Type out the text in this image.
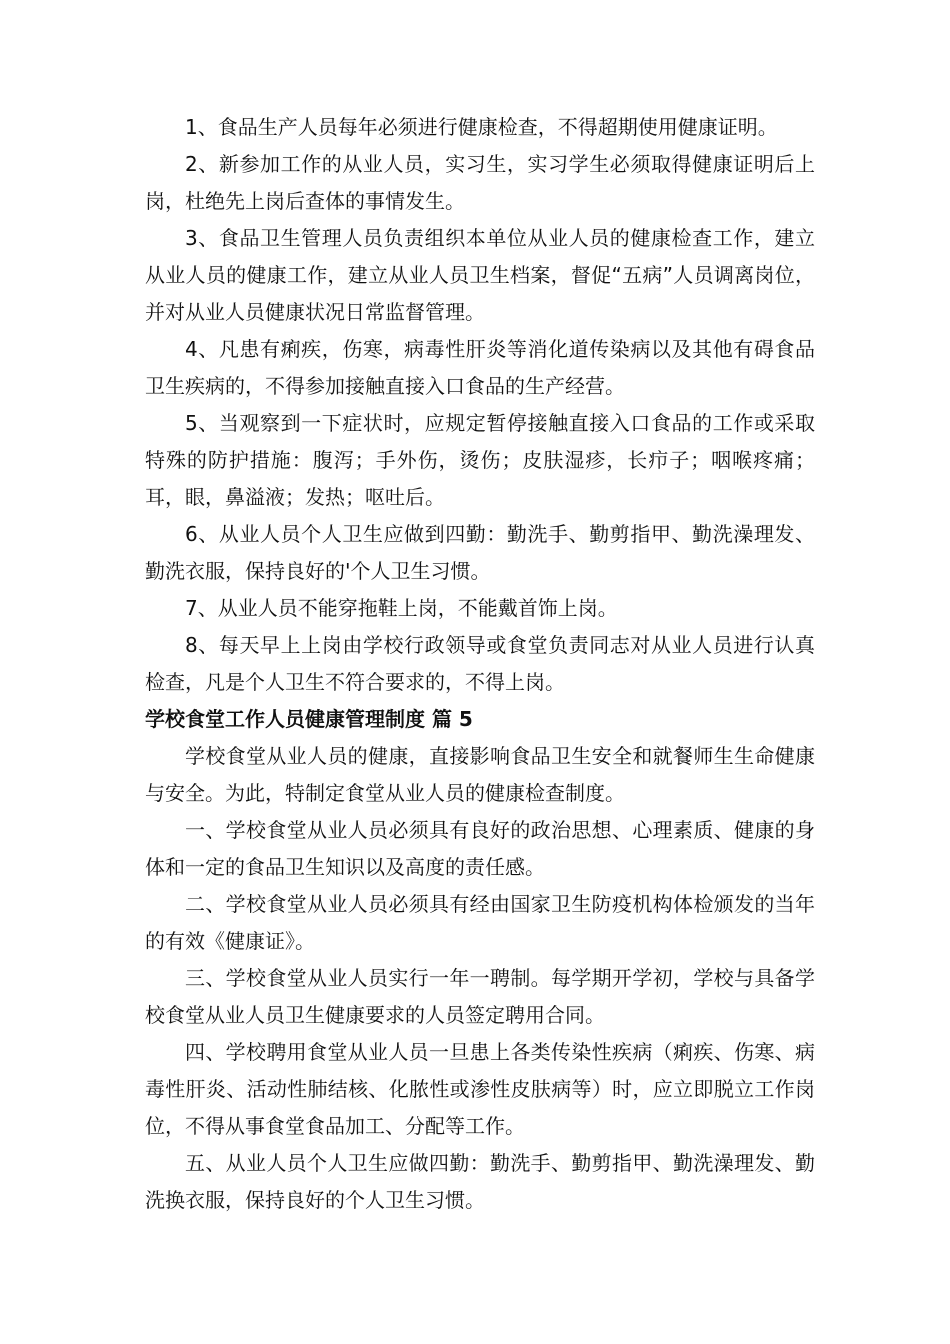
1、食品生产人员每年必须进行健康检查，不得超期使用健康证明。

2、新参加工作的从业人员，实习生，实习学生必须取得健康证明后上岗，杜绝先上岗后查体的事情发生。

3、食品卫生管理人员负责组织本单位从业人员的健康检查工作，建立从业人员的健康工作，建立从业人员卫生档案，督促“五病”人员调离岗位，并对从业人员健康状况日常监督管理。

4、凡患有痢疾，伤寒，病毒性肝炎等消化道传染病以及其他有碍食品卫生疾病的，不得参加接触直接入口食品的生产经营。

5、当观察到一下症状时，应规定暂停接触直接入口食品的工作或采取特殊的防护措施：腹泻；手外伤，烫伤；皮肤湿疹，长疖子；咽喉疼痛；耳，眼，鼻溢液；发热；呕吐后。

6、从业人员个人卫生应做到四勤：勤洗手、勤剪指甲、勤洗澡理发、勤洗衣服，保持良好的'个人卫生习惯。

7、从业人员不能穿拖鞋上岗，不能戴首饰上岗。

8、每天早上上岗由学校行政领导或食堂负责同志对从业人员进行认真检查，凡是个人卫生不符合要求的，不得上岗。

学校食堂工作人员健康管理制度 篇 5

学校食堂从业人员的健康，直接影响食品卫生安全和就餐师生生命健康与安全。为此，特制定食堂从业人员的健康检查制度。

一、学校食堂从业人员必须具有良好的政治思想、心理素质、健康的身体和一定的食品卫生知识以及高度的责任感。

二、学校食堂从业人员必须具有经由国家卫生防疫机构体检颁发的当年的有效《健康证》。

三、学校食堂从业人员实行一年一聘制。每学期开学初，学校与具备学校食堂从业人员卫生健康要求的人员签定聘用合同。

四、学校聘用食堂从业人员一旦患上各类传染性疾病（痢疾、伤寒、病毒性肝炎、活动性肺结核、化脓性或渗性皮肤病等）时，应立即脱立工作岗位，不得从事食堂食品加工、分配等工作。

五、从业人员个人卫生应做四勤：勤洗手、勤剪指甲、勤洗澡理发、勤洗换衣服，保持良好的个人卫生习惯。
